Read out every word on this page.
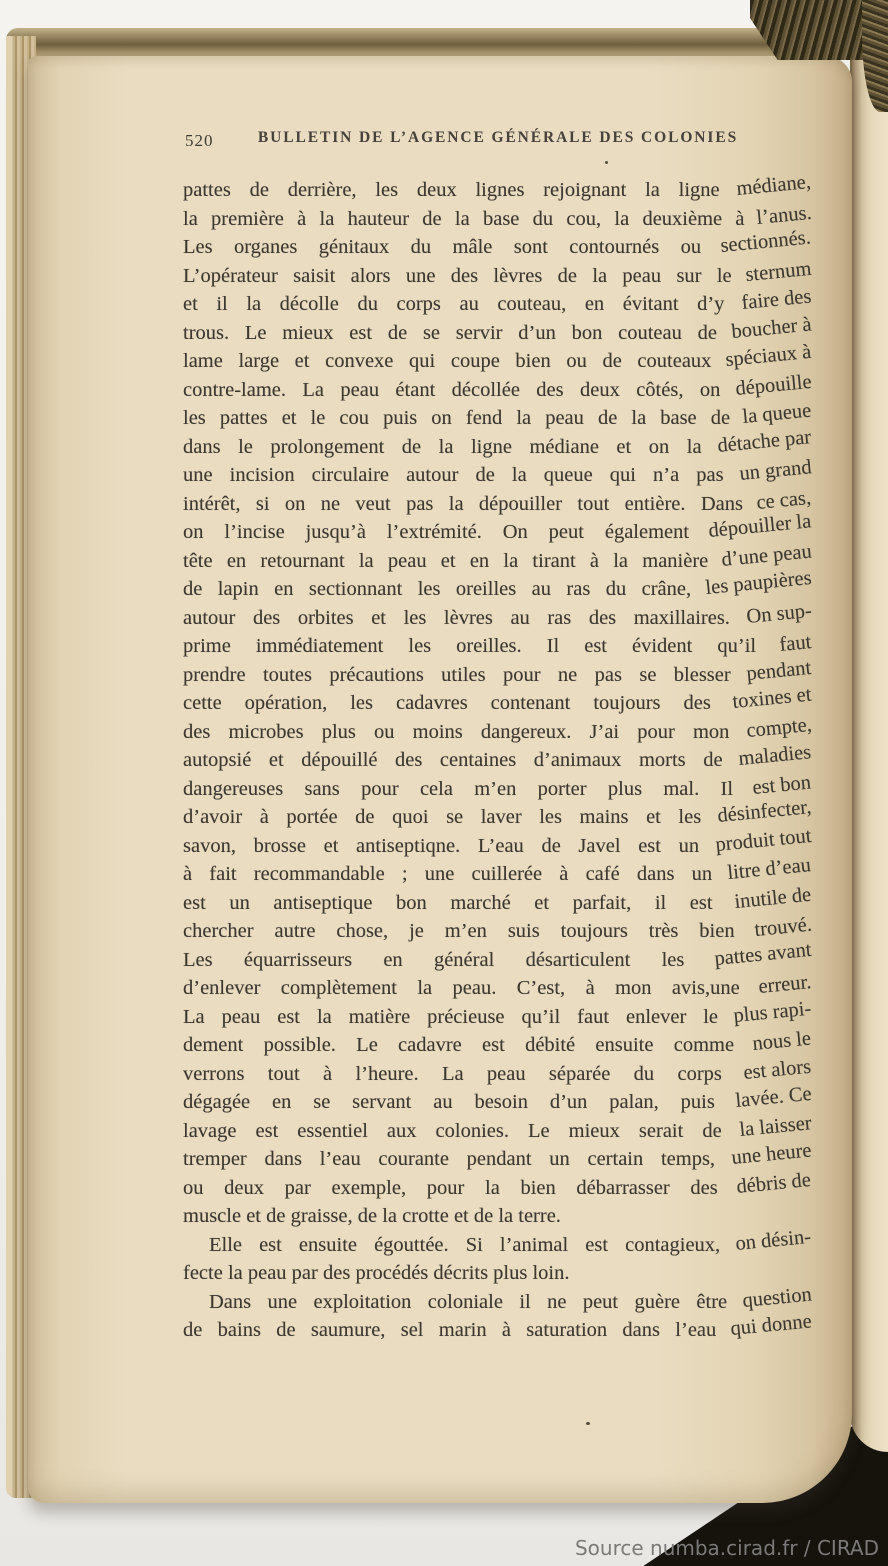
520	BULLETIN DE L’AGENCE GÉNÉRALE DES COLONIES
pattes de derrière, les deux lignes rejoignant la ligne médiane,
la première à la hauteur de la base du cou, la deuxième à l’anus.
Les organes génitaux du mâle sont contournés ou sectionnés.
L’opérateur saisit alors une des lèvres de la peau sur le sternum
et il la décolle du corps au couteau, en évitant d’y faire des
trous. Le mieux est de se servir d’un bon couteau de boucher à
lame large et convexe qui coupe bien ou de couteaux spéciaux à
contre-lame. La peau étant décollée des deux côtés, on dépouille
les pattes et le cou puis on fend la peau de la base de la queue
dans le prolongement de la ligne médiane et on la détache par
une incision circulaire autour de la queue qui n’a pas un grand
intérêt, si on ne veut pas la dépouiller tout entière. Dans ce cas,
on l’incise jusqu’à l’extrémité. On peut également dépouiller la
tête en retournant la peau et en la tirant à la manière d’une peau
de lapin en sectionnant les oreilles au ras du crâne, les paupières
autour des orbites et les lèvres au ras des maxillaires. On sup-
prime immédiatement les oreilles. Il est évident qu’il faut
prendre toutes précautions utiles pour ne pas se blesser pendant
cette opération, les cadavres contenant toujours des toxines et
des microbes plus ou moins dangereux. J’ai pour mon compte,
autopsié et dépouillé des centaines d’animaux morts de maladies
dangereuses sans pour cela m’en porter plus mal. Il est bon
d’avoir à portée de quoi se laver les mains et les désinfecter,
savon, brosse et antiseptiqne. L’eau de Javel est un produit tout
à fait recommandable ; une cuillerée à café dans un litre d’eau
est un antiseptique bon marché et parfait, il est inutile de
chercher autre chose, je m’en suis toujours très bien trouvé.
Les équarrisseurs en général désarticulent les pattes avant
d’enlever complètement la peau. C’est, à mon avis,une erreur.
La peau est la matière précieuse qu’il faut enlever le plus rapi-
dement possible. Le cadavre est débité ensuite comme nous le
verrons tout à l’heure. La peau séparée du corps est alors
dégagée en se servant au besoin d’un palan, puis lavée. Ce
lavage est essentiel aux colonies. Le mieux serait de la laisser
tremper dans l’eau courante pendant un certain temps, une heure
ou deux par exemple, pour la bien débarrasser des débris de
muscle et de graisse, de la crotte et de la terre.
Elle est ensuite égouttée. Si l’animal est contagieux, on désin-
fecte la peau par des procédés décrits plus loin.
Dans une exploitation coloniale il ne peut guère être question
de bains de saumure, sel marin à saturation dans l’eau qui donne
Source numba.cirad.fr / CIRAD
